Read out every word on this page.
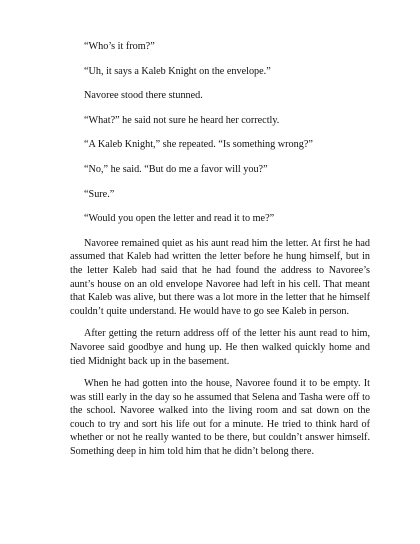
“Who’s it from?”

“Uh, it says a Kaleb Knight on the envelope.”

Navoree stood there stunned.

“What?” he said not sure he heard her correctly.

“A Kaleb Knight,” she repeated. “Is something wrong?”

“No,” he said. “But do me a favor will you?”

“Sure.”

“Would you open the letter and read it to me?”

Navoree remained quiet as his aunt read him the letter. At first he had assumed that Kaleb had written the letter before he hung himself, but in the letter Kaleb had said that he had found the address to Navoree’s aunt’s house on an old envelope Navoree had left in his cell. That meant that Kaleb was alive, but there was a lot more in the letter that he himself couldn’t quite understand. He would have to go see Kaleb in person.

After getting the return address off of the letter his aunt read to him, Navoree said goodbye and hung up. He then walked quickly home and tied Midnight back up in the basement.

When he had gotten into the house, Navoree found it to be empty. It was still early in the day so he assumed that Selena and Tasha were off to the school. Navoree walked into the living room and sat down on the couch to try and sort his life out for a minute. He tried to think hard of whether or not he really wanted to be there, but couldn’t answer himself. Something deep in him told him that he didn’t belong there.
